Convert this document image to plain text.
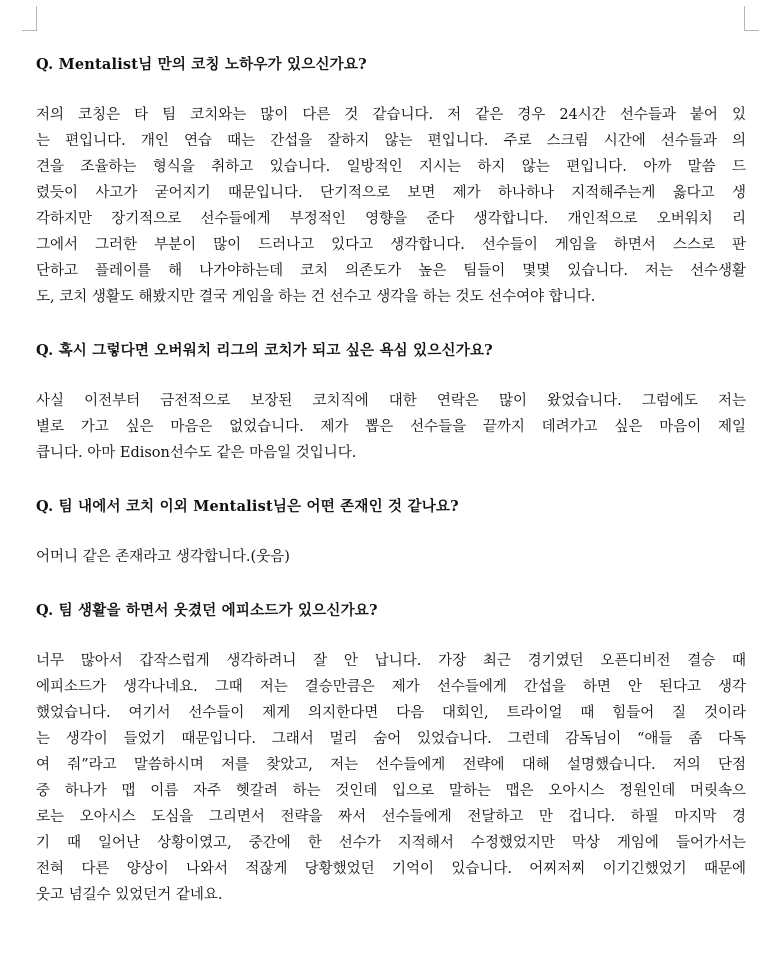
Q. Mentalist님 만의 코칭 노하우가 있으신가요?

저의 코칭은 타 팀 코치와는 많이 다른 것 같습니다. 저 같은 경우 24시간 선수들과 붙어 있
는 편입니다. 개인 연습 때는 간섭을 잘하지 않는 편입니다. 주로 스크림 시간에 선수들과 의
견을 조율하는 형식을 취하고 있습니다. 일방적인 지시는 하지 않는 편입니다. 아까 말씀 드
렸듯이 사고가 굳어지기 때문입니다. 단기적으로 보면 제가 하나하나 지적해주는게 옳다고 생
각하지만 장기적으로 선수들에게 부정적인 영향을 준다 생각합니다. 개인적으로 오버워치 리
그에서 그러한 부분이 많이 드러나고 있다고 생각합니다. 선수들이 게임을 하면서 스스로 판
단하고 플레이를 해 나가야하는데 코치 의존도가 높은 팀들이 몇몇 있습니다. 저는 선수생활
도, 코치 생활도 해봤지만 결국 게임을 하는 건 선수고 생각을 하는 것도 선수여야 합니다.

Q. 혹시 그렇다면 오버워치 리그의 코치가 되고 싶은 욕심 있으신가요?

사실 이전부터 금전적으로 보장된 코치직에 대한 연락은 많이 왔었습니다. 그럼에도 저는
별로 가고 싶은 마음은 없었습니다. 제가 뽑은 선수들을 끝까지 데려가고 싶은 마음이 제일
큽니다. 아마 Edison선수도 같은 마음일 것입니다.

Q. 팀 내에서 코치 이외 Mentalist님은 어떤 존재인 것 같나요?

어머니 같은 존재라고 생각합니다.(웃음)

Q. 팀 생활을 하면서 웃겼던 에피소드가 있으신가요?

너무 많아서 갑작스럽게 생각하려니 잘 안 납니다. 가장 최근 경기였던 오픈디비전 결승 때
에피소드가 생각나네요. 그때 저는 결승만큼은 제가 선수들에게 간섭을 하면 안 된다고 생각
했었습니다. 여기서 선수들이 제게 의지한다면 다음 대회인, 트라이얼 때 힘들어 질 것이라
는 생각이 들었기 때문입니다. 그래서 멀리 숨어 있었습니다. 그런데 감독님이 “애들 좀 다독
여 줘”라고 말씀하시며 저를 찾았고, 저는 선수들에게 전략에 대해 설명했습니다. 저의 단점
중 하나가 맵 이름 자주 헷갈려 하는 것인데 입으로 말하는 맵은 오아시스 정원인데 머릿속으
로는 오아시스 도심을 그리면서 전략을 짜서 선수들에게 전달하고 만 겁니다. 하필 마지막 경
기 때 일어난 상황이였고, 중간에 한 선수가 지적해서 수정했었지만 막상 게임에 들어가서는
전혀 다른 양상이 나와서 적잖게 당황했었던 기억이 있습니다. 어찌저찌 이기긴했었기 때문에
웃고 넘길수 있었던거 같네요.
